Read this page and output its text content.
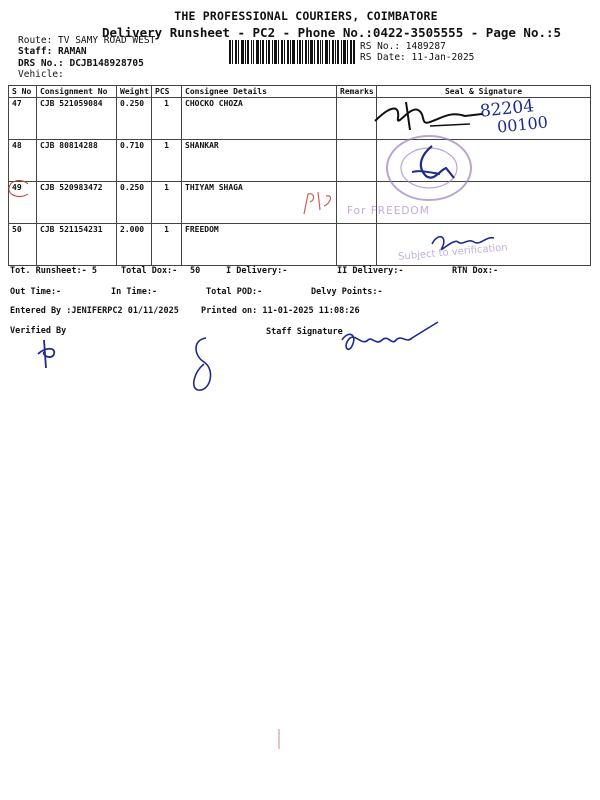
THE PROFESSIONAL COURIERS, COIMBATORE
Delivery Runsheet - PC2 - Phone No.:0422-3505555 - Page No.:5
Route: TV SAMY ROAD WEST
Staff: RAMAN
DRS No.: DCJB148928705
Vehicle:
RS No.: 1489287
RS Date: 11-Jan-2025
S No	Consignment No	Weight	PCS	Consignee Details	Remarks	Seal & Signature
47	CJB 521059084	0.250	1	CHOCKO CHOZA		
48	CJB 80814288	0.710	1	SHANKAR		
49	CJB 520983472	0.250	1	THIYAM SHAGA		
50	CJB 521154231	2.000	1	FREEDOM		
Tot. Runsheet:- 5	Total Dox:- 50	I Delivery:-	II Delivery:-	RTN Dox:-
Out Time:-	In Time:-	Total POD:-	Delvy Points:-
Entered By :JENIFERPC2 01/11/2025	Printed on: 11-01-2025 11:08:26
Verified By	Staff Signature
82204
00100
For FREEDOM
Subject to verification
